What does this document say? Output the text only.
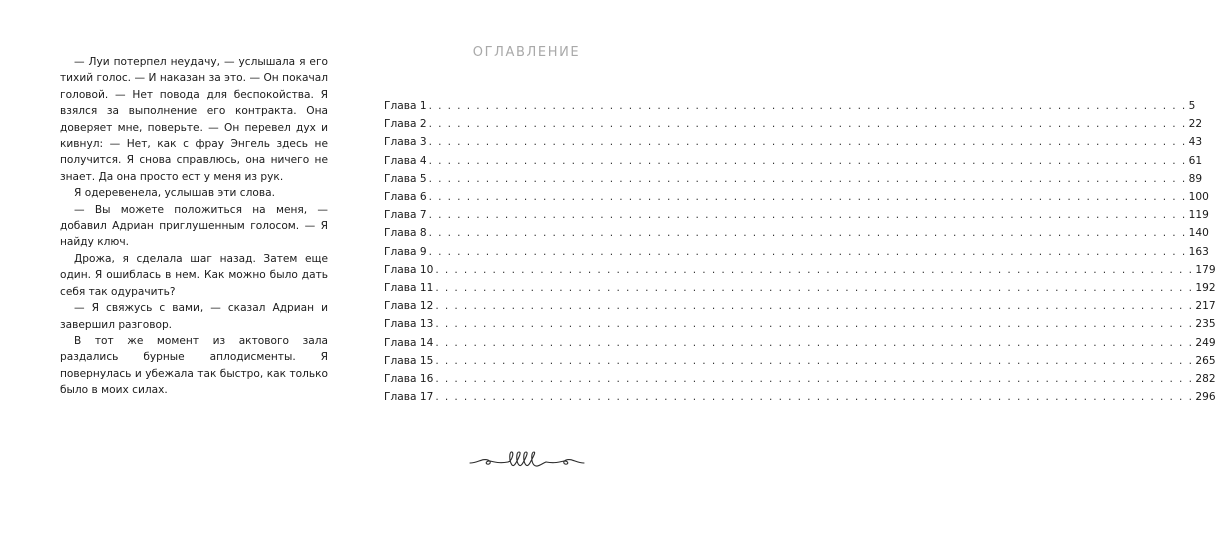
— Луи потерпел неудачу, — услышала я его тихий голос. — И наказан за это. — Он покачал головой. — Нет повода для беспокойства. Я взялся за выполнение его контракта. Она доверяет мне, поверьте. — Он перевел дух и кивнул: — Нет, как с фрау Энгель здесь не получится. Я снова справлюсь, она ничего не знает. Да она просто ест у меня из рук.

Я одеревенела, услышав эти слова.

— Вы можете положиться на меня, — добавил Адриан приглушенным голосом. — Я найду ключ.

Дрожа, я сделала шаг назад. Затем еще один. Я ошиблась в нем. Как можно было дать себя так одурачить?

— Я свяжусь с вами, — сказал Адриан и завершил разговор.

В тот же момент из актового зала раздались бурные аплодисменты. Я повернулась и убежала так быстро, как только было в моих силах.

ОГЛАВЛЕНИЕ
Глава 1 . . . . . . . . . . . . . . . . . . . . . . . . . . . . . . . . . . . . . . . . . . . . . . . . . . . . . . . . . . . . . . . . . . . . . . . . . . . . . . . . 5
Глава 2 . . . . . . . . . . . . . . . . . . . . . . . . . . . . . . . . . . . . . . . . . . . . . . . . . . . . . . . . . . . . . . . . . . . . . . . . . . . . . . . . 22
Глава 3 . . . . . . . . . . . . . . . . . . . . . . . . . . . . . . . . . . . . . . . . . . . . . . . . . . . . . . . . . . . . . . . . . . . . . . . . . . . . . . . . 43
Глава 4 . . . . . . . . . . . . . . . . . . . . . . . . . . . . . . . . . . . . . . . . . . . . . . . . . . . . . . . . . . . . . . . . . . . . . . . . . . . . . . . . 61
Глава 5 . . . . . . . . . . . . . . . . . . . . . . . . . . . . . . . . . . . . . . . . . . . . . . . . . . . . . . . . . . . . . . . . . . . . . . . . . . . . . . . . 89
Глава 6 . . . . . . . . . . . . . . . . . . . . . . . . . . . . . . . . . . . . . . . . . . . . . . . . . . . . . . . . . . . . . . . . . . . . . . . . . . . . . . . . 100
Глава 7 . . . . . . . . . . . . . . . . . . . . . . . . . . . . . . . . . . . . . . . . . . . . . . . . . . . . . . . . . . . . . . . . . . . . . . . . . . . . . . . . 119
Глава 8 . . . . . . . . . . . . . . . . . . . . . . . . . . . . . . . . . . . . . . . . . . . . . . . . . . . . . . . . . . . . . . . . . . . . . . . . . . . . . . . . 140
Глава 9 . . . . . . . . . . . . . . . . . . . . . . . . . . . . . . . . . . . . . . . . . . . . . . . . . . . . . . . . . . . . . . . . . . . . . . . . . . . . . . . . 163
Глава 10 . . . . . . . . . . . . . . . . . . . . . . . . . . . . . . . . . . . . . . . . . . . . . . . . . . . . . . . . . . . . . . . . . . . . . . . . . . . . . . . . 179
Глава 11 . . . . . . . . . . . . . . . . . . . . . . . . . . . . . . . . . . . . . . . . . . . . . . . . . . . . . . . . . . . . . . . . . . . . . . . . . . . . . . . . 192
Глава 12 . . . . . . . . . . . . . . . . . . . . . . . . . . . . . . . . . . . . . . . . . . . . . . . . . . . . . . . . . . . . . . . . . . . . . . . . . . . . . . . . 217
Глава 13 . . . . . . . . . . . . . . . . . . . . . . . . . . . . . . . . . . . . . . . . . . . . . . . . . . . . . . . . . . . . . . . . . . . . . . . . . . . . . . . . 235
Глава 14 . . . . . . . . . . . . . . . . . . . . . . . . . . . . . . . . . . . . . . . . . . . . . . . . . . . . . . . . . . . . . . . . . . . . . . . . . . . . . . . . 249
Глава 15 . . . . . . . . . . . . . . . . . . . . . . . . . . . . . . . . . . . . . . . . . . . . . . . . . . . . . . . . . . . . . . . . . . . . . . . . . . . . . . . . 265
Глава 16 . . . . . . . . . . . . . . . . . . . . . . . . . . . . . . . . . . . . . . . . . . . . . . . . . . . . . . . . . . . . . . . . . . . . . . . . . . . . . . . . 282
Глава 17 . . . . . . . . . . . . . . . . . . . . . . . . . . . . . . . . . . . . . . . . . . . . . . . . . . . . . . . . . . . . . . . . . . . . . . . . . . . . . . . . 296
